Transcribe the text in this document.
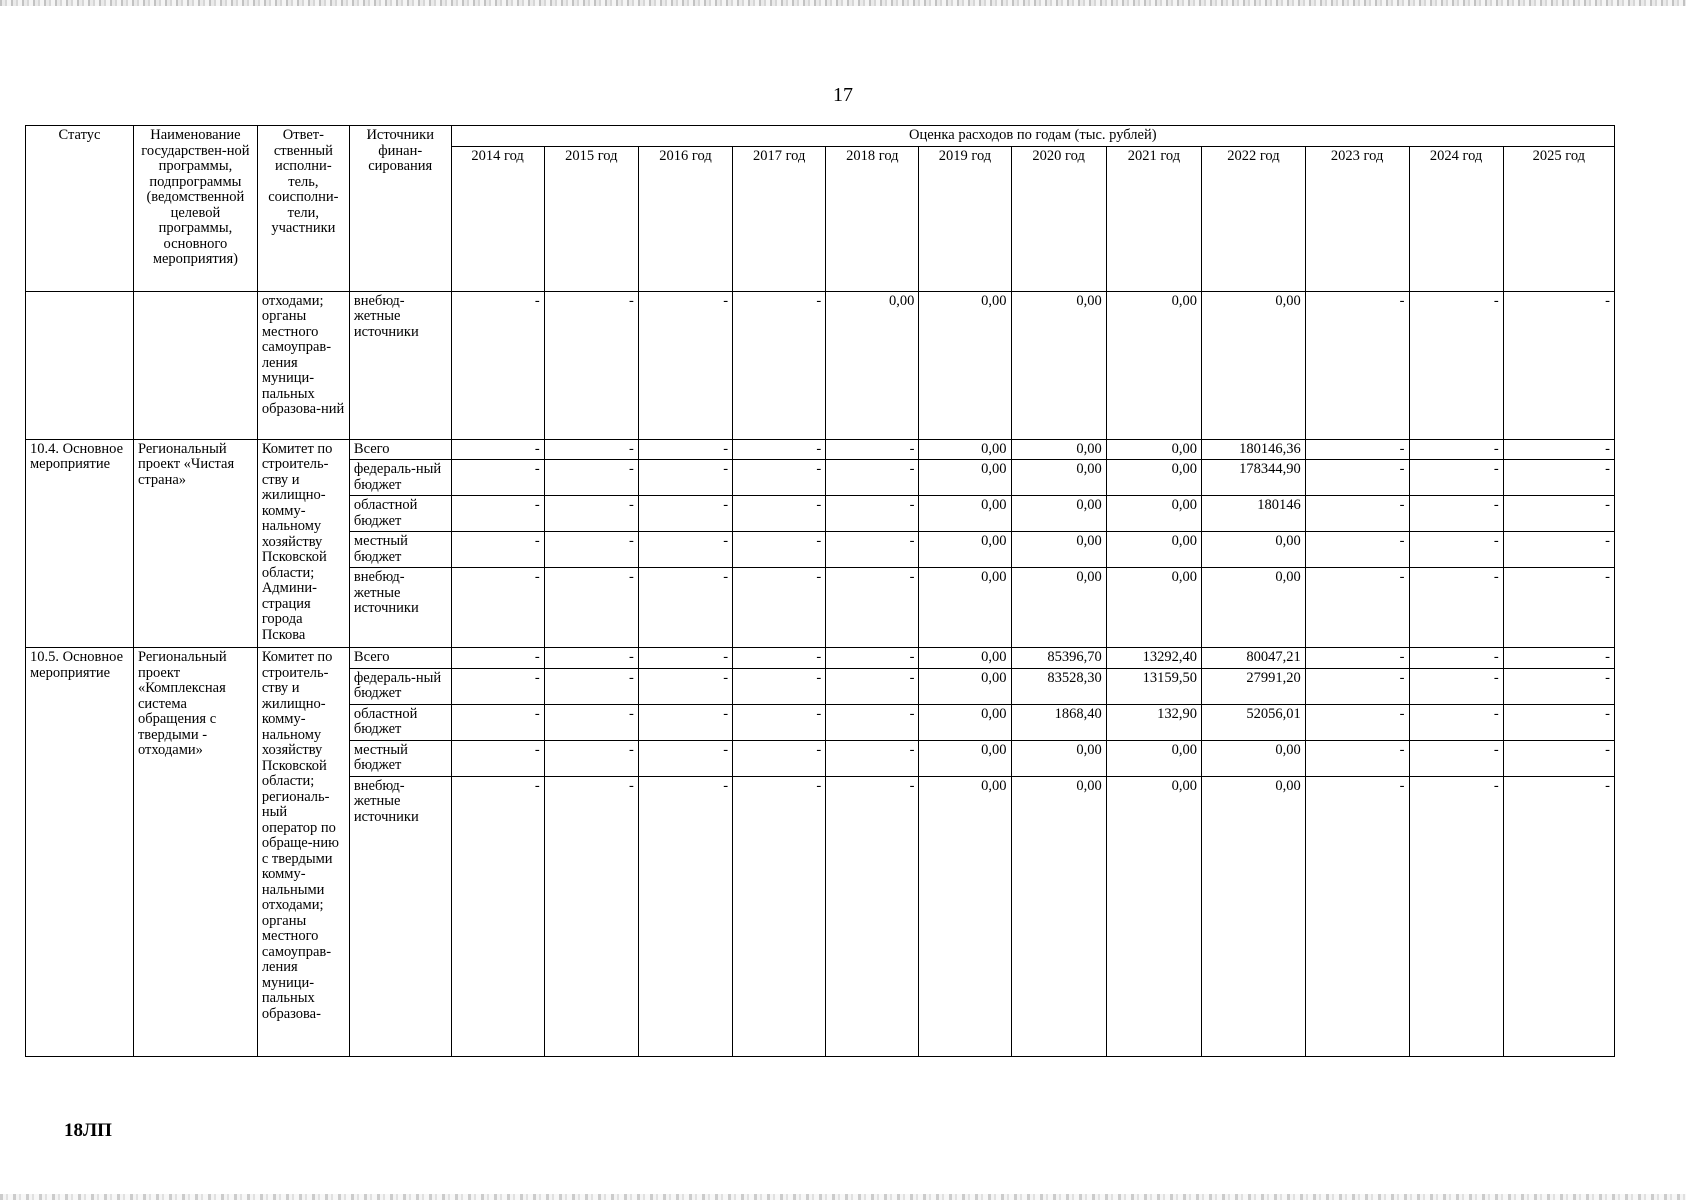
17
Статус	Наименование государствен-ной программы, подпрограммы (ведомственной целевой программы, основного мероприятия)	Ответ-ственный исполни-тель, соисполни-тели, участники	Источники финан-сирования	Оценка расходов по годам (тыс. рублей)											
				2014 год	2015 год	2016 год	2017 год	2018 год	2019 год	2020 год	2021 год	2022 год	2023 год	2024 год	2025 год
		отходами; органы местного самоуправ-ления муници-пальных образова-ний	внебюд-жетные источники	-	-	-	-	0,00	0,00	0,00	0,00	0,00	-	-	-
10.4. Основное мероприятие	Региональный проект «Чистая страна»	Комитет по строитель-ству и жилищно-комму-нальному хозяйству Псковской области; Админи-страция города Пскова	Всего	-	-	-	-	-	0,00	0,00	0,00	180146,36	-	-	-
			федераль-ный бюджет	-	-	-	-	-	0,00	0,00	0,00	178344,90	-	-	-
			областной бюджет	-	-	-	-	-	0,00	0,00	0,00	180146	-	-	-
			местный бюджет	-	-	-	-	-	0,00	0,00	0,00	0,00	-	-	-
			внебюд-жетные источники	-	-	-	-	-	0,00	0,00	0,00	0,00	-	-	-
10.5. Основное мероприятие	Региональный проект «Комплексная система обращения с твердыми - отходами»	Комитет по строитель-ству и жилищно-комму-нальному хозяйству Псковской области; региональ-ный оператор по обраще-нию с твердыми комму-нальными отходами; органы местного самоуправ-ления муници-пальных образова-	Всего	-	-	-	-	-	0,00	85396,70	13292,40	80047,21	-	-	-
			федераль-ный бюджет	-	-	-	-	-	0,00	83528,30	13159,50	27991,20	-	-	-
			областной бюджет	-	-	-	-	-	0,00	1868,40	132,90	52056,01	-	-	-
			местный бюджет	-	-	-	-	-	0,00	0,00	0,00	0,00	-	-	-
			внебюд-жетные источники	-	-	-	-	-	0,00	0,00	0,00	0,00	-	-	-
18ЛП
